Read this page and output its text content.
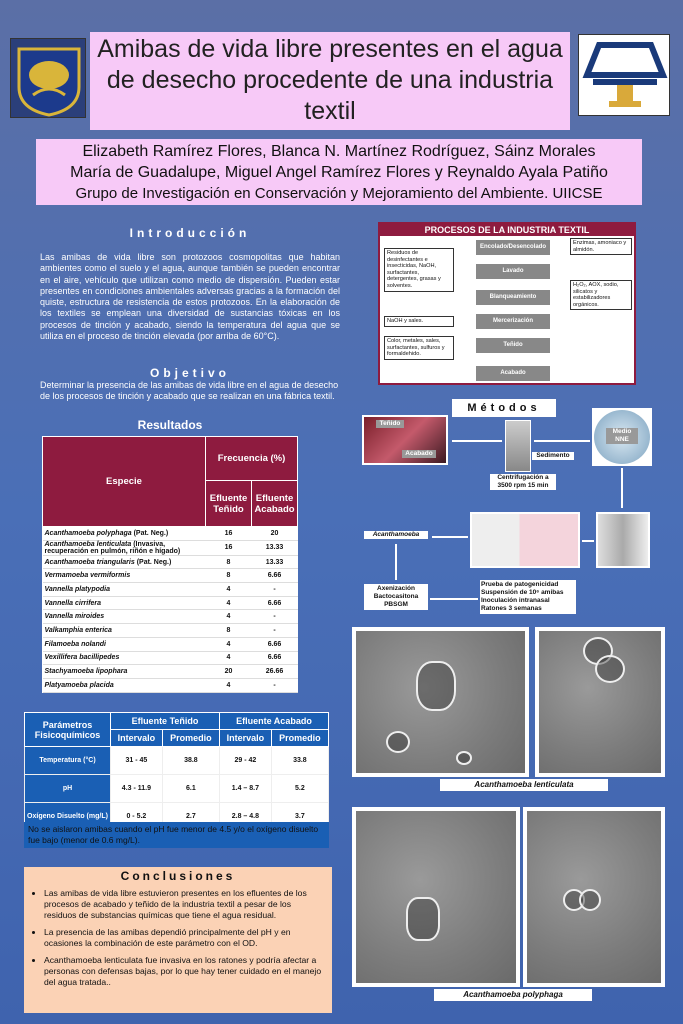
Amibas de vida libre presentes en el agua de desecho procedente de una industria textil
Elizabeth Ramírez Flores, Blanca N. Martínez Rodríguez, Sáinz Morales
María de Guadalupe, Miguel Angel Ramírez Flores y Reynaldo Ayala Patiño
Grupo de Investigación en Conservación y Mejoramiento del Ambiente. UIICSE
Introducción
Las amibas de vida libre son protozoos cosmopolitas que habitan ambientes como el suelo y el agua, aunque también se pueden encontrar en el aire, vehículo que utilizan como medio de dispersión. Pueden estar presentes en condiciones ambientales adversas gracias a la formación del quiste, estructura de resistencia de estos protozoos. En la elaboración de los textiles se emplean una diversidad de sustancias tóxicas en los procesos de tinción y acabado, siendo la temperatura del agua que se utiliza en el proceso de tinción elevada (por arriba de 60°C).
Objetivo
Determinar la presencia de las amibas de vida libre en el agua de desecho de los procesos de tinción y acabado que se realizan en una fábrica textil.
Resultados
Especie	Frecuencia (%)	
	Efluente Teñido	Efluente Acabado
Acanthamoeba polyphaga (Pat. Neg.)	16	20
Acanthamoeba lenticulata (Invasiva, recuperación en pulmón, riñón e hígado)	16	13.33
Acanthamoeba triangularis (Pat. Neg.)	8	13.33
Vermamoeba vermiformis	8	6.66
Vannella platypodia	4	-
Vannella cirrifera	4	6.66
Vannella miroides	4	-
Valkamphia enterica	8	-
Filamoeba nolandi	4	6.66
Vexillifera bacillipedes	4	6.66
Stachyamoeba lipophara	20	26.66
Platyamoeba placida	4	-
Parámetros Fisicoquímicos	Efluente Teñido		Efluente Acabado	
	Intervalo	Promedio	Intervalo	Promedio
Temperatura (°C)	31 - 45	38.8	29 - 42	33.8
pH	4.3 - 11.9	6.1	1.4 – 8.7	5.2
Oxígeno Disuelto (mg/L)	0 - 5.2	2.7	2.8 – 4.8	3.7
No se aislaron amibas cuando el pH fue menor de 4.5 y/o el oxígeno disuelto fue bajo (menor de 0.6 mg/L).
Conclusiones
• Las amibas de vida libre estuvieron presentes en los efluentes de los procesos de acabado y teñido de la industria textil a pesar de los residuos de substancias químicas que tiene el agua residual.
• La presencia de las amibas dependió principalmente del pH y en ocasiones la combinación de este parámetro con el OD.
• Acanthamoeba lenticulata fue invasiva en los ratones y podría afectar a personas con defensas bajas, por lo que hay tener cuidado en el manejo del agua tratada..
PROCESOS DE LA INDUSTRIA TEXTIL
Encolado/Desencolado
Lavado
Blanqueamiento
Mercerización
Teñido
Acabado
Residuos de desinfectantes e insecticidas, NaOH, surfactantes, detergentes, grasas y solventes.
Enzimas, amoniaco y almidón.
H₂O₂, AOX, sodio, silicatos y estabilizadores orgánicos.
NaOH y sales.
Color, metales, sales, surfactantes, sulfuros y formaldehido.
Métodos
Teñido
Acabado	Sedimento
Centrifugación a 3500 rpm 15 min
Medio NNE
Acanthamoeba
Axenización Bactocasitona PBSGM
Prueba de patogenicidad
Suspensión de 10⁶ amibas
Inoculación intranasal
Ratones 3 semanas
Acanthamoeba lenticulata
Acanthamoeba polyphaga
